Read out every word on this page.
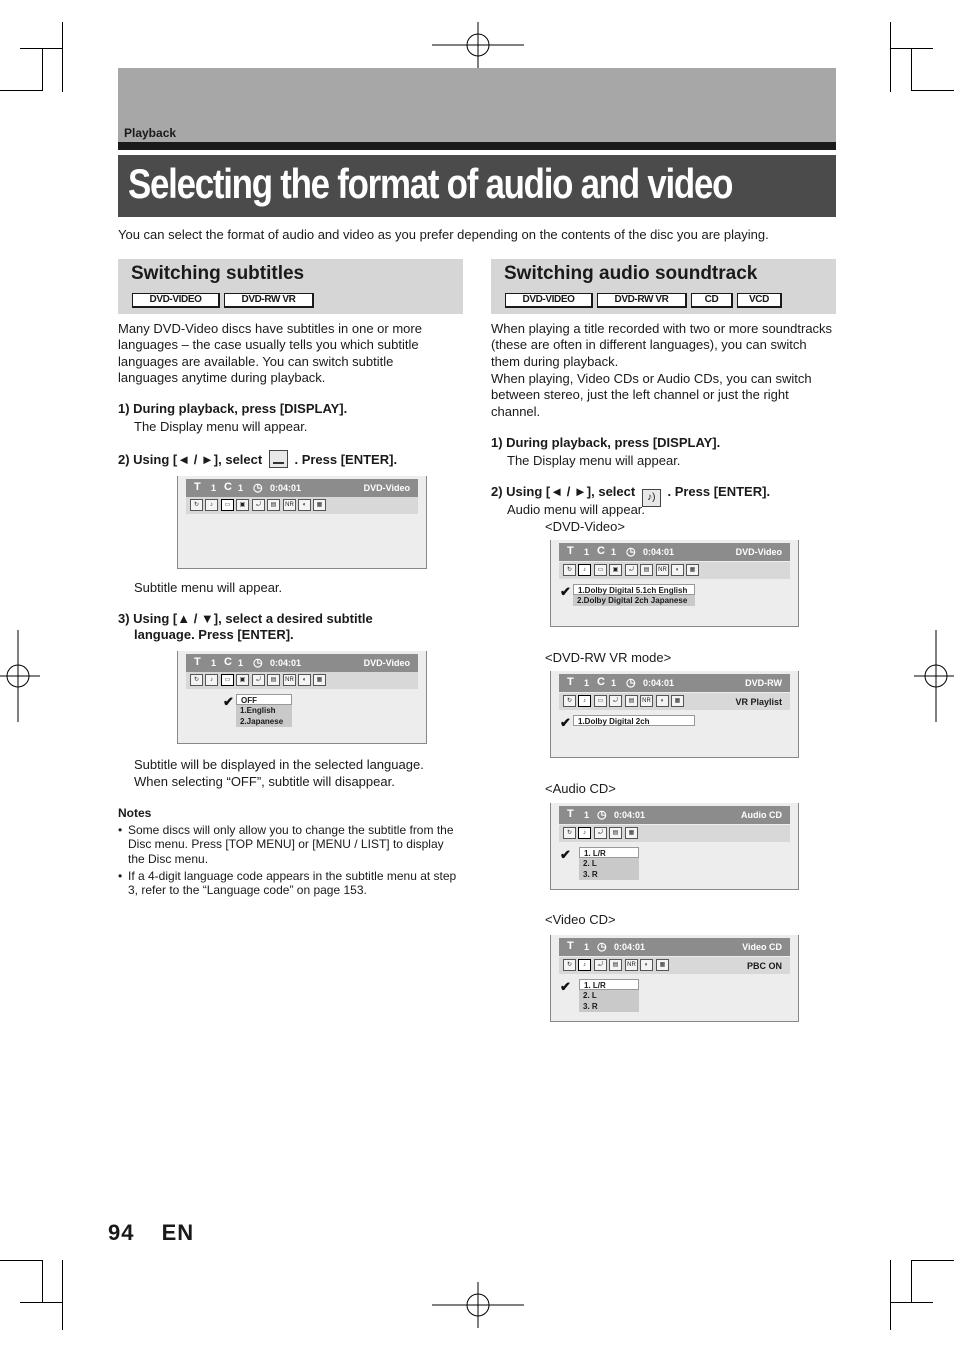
Playback
Selecting the format of audio and video
You can select the format of audio and video as you prefer depending on the contents of the disc you are playing.
Switching subtitles
DVD-VIDEO	DVD-RW VR
Many DVD-Video discs have subtitles in one or more languages – the case usually tells you which subtitle languages are available. You can switch subtitle languages anytime during playback.
1) During playback, press [DISPLAY].
The Display menu will appear.
2) Using [◄ / ►], select . Press [ENTER].
T 1 C 1 ◷ 0:04:01	DVD-Video
↻	♪	▭	▣	⤾	▤	NR	◐	▦
Subtitle menu will appear.
3) Using [▲ / ▼], select a desired subtitle
language. Press [ENTER].
T 1 C 1 ◷ 0:04:01	DVD-Video
↻	♪	▭	▣	⤾	▤	NR	◐	▦
✔ OFF
1.English
2.Japanese
Subtitle will be displayed in the selected language.
When selecting “OFF”, subtitle will disappear.
Notes
• Some discs will only allow you to change the subtitle from the Disc menu. Press [TOP MENU] or [MENU / LIST] to display the Disc menu.
• If a 4-digit language code appears in the subtitle menu at step 3, refer to the “Language code” on page 153.
Switching audio soundtrack
DVD-VIDEO	DVD-RW VR	CD	VCD
When playing a title recorded with two or more soundtracks (these are often in different languages), you can switch them during playback.
When playing, Video CDs or Audio CDs, you can switch between stereo, just the left channel or just the right channel.
1) During playback, press [DISPLAY].
The Display menu will appear.
2) Using [◄ / ►], select ♪) . Press [ENTER].
Audio menu will appear.
<DVD-Video>
T 1 C 1 ◷ 0:04:01	DVD-Video
↻	♪	▭	▣	⤾	▤	NR	◐	▦
✔ 1.Dolby Digital 5.1ch English
2.Dolby Digital 2ch Japanese
<DVD-RW VR mode>
T 1 C 1 ◷ 0:04:01	DVD-RW
↻	♪	▭	⤾	▤	NR	◐	▦	VR Playlist
✔ 1.Dolby Digital 2ch
<Audio CD>
T 1 ◷ 0:04:01	Audio CD
↻	♪	⤾	▤	▦
✔	1. L/R
2. L
3. R
<Video CD>
T 1 ◷ 0:04:01	Video CD
↻	♪	⤾	▤	NR	◐	▦	PBC ON
✔	1. L/R
2. L
3. R
94 EN
